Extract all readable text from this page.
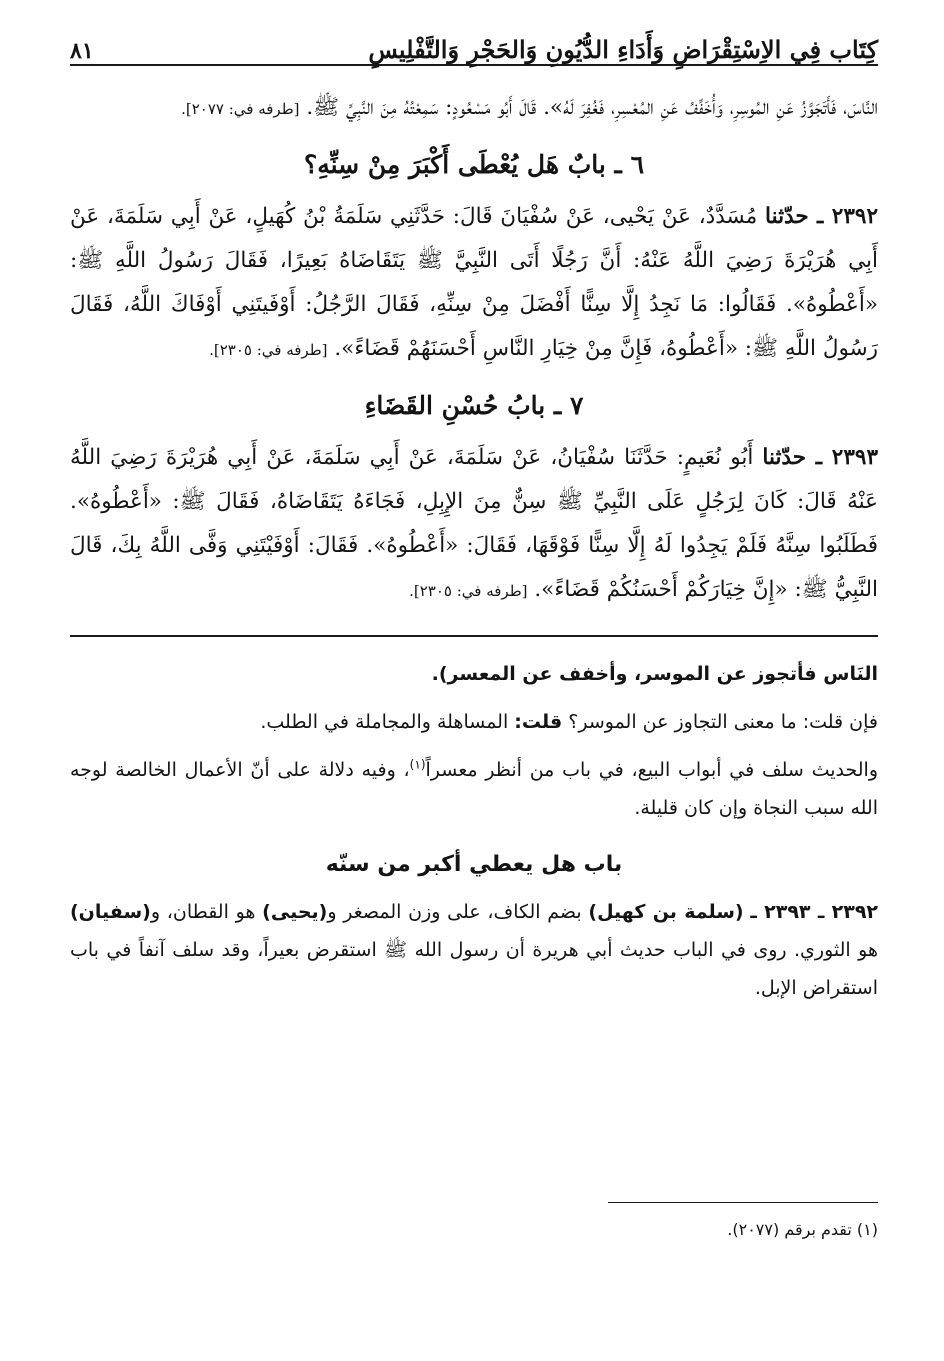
كِتَاب فِي الاِسْتِقْرَاضِ وَأَدَاءِ الدُّيُونِ وَالحَجْرِ وَالتَّفْلِيسِ
٨١

النَّاسَ، فَأَتَجَوَّزُ عَنِ المُوسِرِ، وَأُخَفِّفُ عَنِ المُعْسِرِ، فَغُفِرَ لَهُ». قَالَ أَبُو مَسْعُودٍ: سَمِعْتُهُ مِنَ النَّبِيِّ ﷺ. [طرفه في: ٢٠٧٧].

٦ ـ بابٌ هَل يُعْطَى أَكْبَرَ مِنْ سِنِّهِ؟

٢٣٩٢ ـ حدّثنا مُسَدَّدٌ، عَنْ يَحْيى، عَنْ سُفْيَانَ قَالَ: حَدَّثَنِي سَلَمَةُ بْنُ كُهَيلٍ، عَنْ أَبِي سَلَمَةَ، عَنْ أَبِي هُرَيْرَةَ رَضِيَ اللَّهُ عَنْهُ: أَنَّ رَجُلًا أَتَى النَّبِيَّ ﷺ يَتَقَاضَاهُ بَعِيرًا، فَقَالَ رَسُولُ اللَّهِ ﷺ: «أَعْطُوهُ». فَقَالُوا: مَا نَجِدُ إِلَّا سِنًّا أَفْضَلَ مِنْ سِنِّهِ، فَقَالَ الرَّجُلُ: أَوْفَيتَنِي أَوْفَاكَ اللَّهُ، فَقَالَ رَسُولُ اللَّهِ ﷺ: «أَعْطُوهُ، فَإِنَّ مِنْ خِيَارِ النَّاسِ أَحْسَنَهُمْ قَضَاءً». [طرفه في: ٢٣٠٥].

٧ ـ بابُ حُسْنِ القَضَاءِ

٢٣٩٣ ـ حدّثنا أَبُو نُعَيمٍ: حَدَّثَنَا سُفْيَانُ، عَنْ سَلَمَةَ، عَنْ أَبِي سَلَمَةَ، عَنْ أَبِي هُرَيْرَةَ رَضِيَ اللَّهُ عَنْهُ قَالَ: كَانَ لِرَجُلٍ عَلَى النَّبِيِّ ﷺ سِنٌّ مِنَ الإِبِلِ، فَجَاءَهُ يَتَقَاضَاهُ، فَقَالَ ﷺ: «أَعْطُوهُ». فَطَلَبُوا سِنَّهُ فَلَمْ يَجِدُوا لَهُ إِلَّا سِنًّا فَوْقَهَا، فَقَالَ: «أَعْطُوهُ». فَقَالَ: أَوْفَيْتَنِي وَفَّى اللَّهُ بِكَ، قَالَ النَّبِيُّ ﷺ: «إِنَّ خِيَارَكُمْ أَحْسَنُكُمْ قَضَاءً». [طرفه في: ٢٣٠٥].

النَاس فأتجوز عن الموسر، وأخفف عن المعسر).

فإن قلت: ما معنى التجاوز عن الموسر؟ قلت: المساهلة والمجاملة في الطلب.

والحديث سلف في أبواب البيع، في باب من أنظر معسراً$^{(١)}$، وفيه دلالة على أنّ الأعمال الخالصة لوجه الله سبب النجاة وإن كان قليلة.

باب هل يعطي أكبر من سنّه

٢٣٩٢ ـ ٢٣٩٣ ـ (سلمة بن كهيل) بضم الكاف، على وزن المصغر و(يحيى) هو القطان، و(سفيان) هو الثوري. روى في الباب حديث أبي هريرة أن رسول الله ﷺ استقرض بعيراً، وقد سلف آنفاً في باب استقراض الإبل.

(١) تقدم برقم (٢٠٧٧).
